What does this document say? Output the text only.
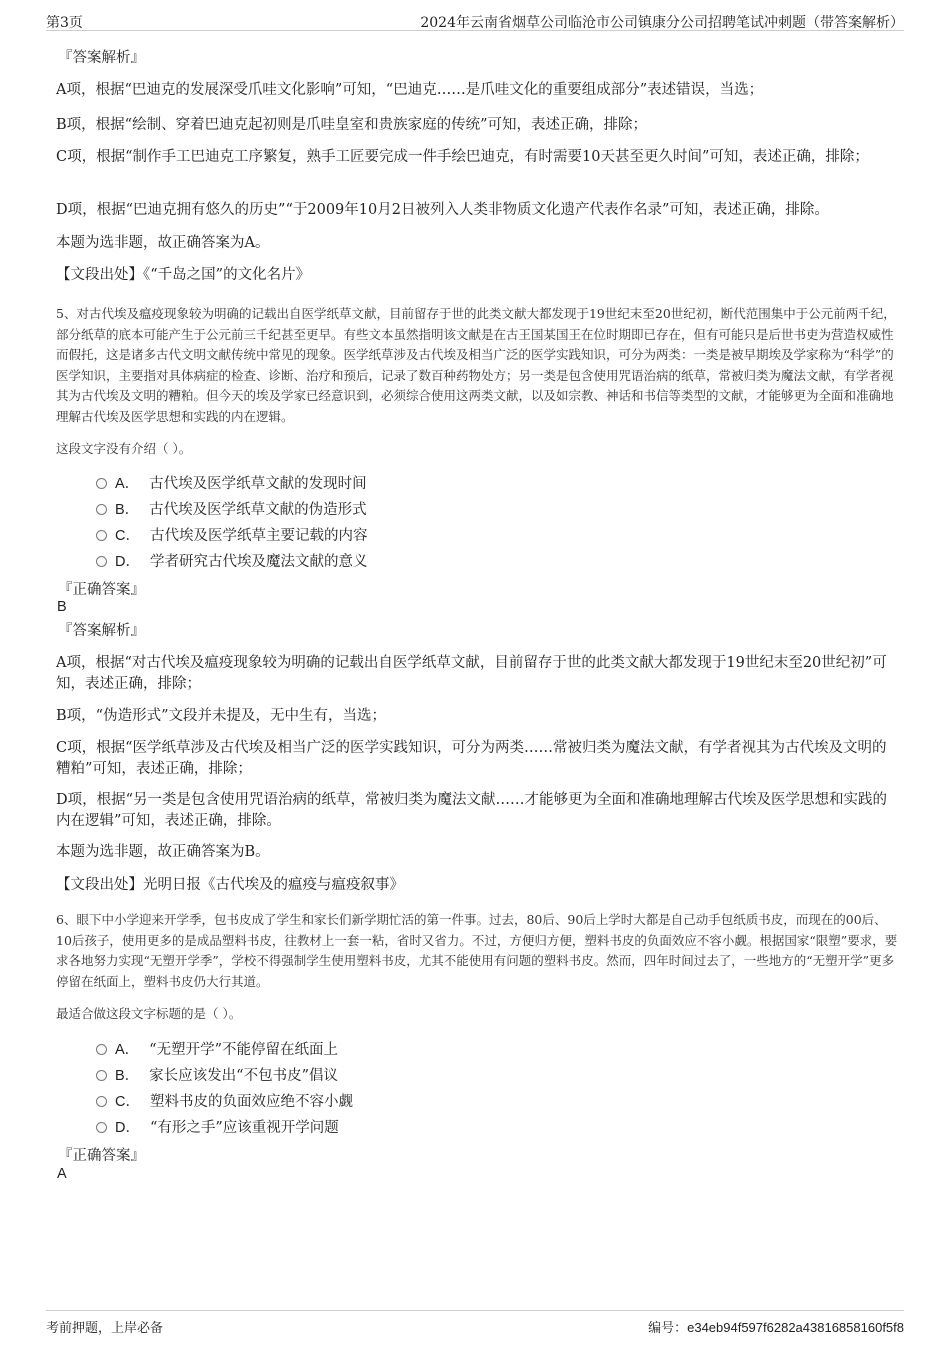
第3页	2024年云南省烟草公司临沧市公司镇康分公司招聘笔试冲刺题（带答案解析）
『答案解析』

A项，根据“巴迪克的发展深受爪哇文化影响”可知，“巴迪克……是爪哇文化的重要组成部分”表述错误，当选；

B项，根据“绘制、穿着巴迪克起初则是爪哇皇室和贵族家庭的传统”可知，表述正确，排除；

C项，根据“制作手工巴迪克工序繁复，熟手工匠要完成一件手绘巴迪克，有时需要10天甚至更久时间”可知，表述正确，排除；

D项，根据“巴迪克拥有悠久的历史”“于2009年10月2日被列入人类非物质文化遗产代表作名录”可知，表述正确，排除。

本题为选非题，故正确答案为A。

【文段出处】《“千岛之国”的文化名片》

5、对古代埃及瘟疫现象较为明确的记载出自医学纸草文献，目前留存于世的此类文献大都发现于19世纪末至20世纪初，断代范围集中于公元前两千纪，部分纸草的底本可能产生于公元前三千纪甚至更早。有些文本虽然指明该文献是在古王国某国王在位时期即已存在，但有可能只是后世书吏为营造权威性而假托，这是诸多古代文明文献传统中常见的现象。医学纸草涉及古代埃及相当广泛的医学实践知识，可分为两类：一类是被早期埃及学家称为“科学”的医学知识，主要指对具体病症的检查、诊断、治疗和预后，记录了数百种药物处方；另一类是包含使用咒语治病的纸草，常被归类为魔法文献，有学者视其为古代埃及文明的糟粕。但今天的埃及学家已经意识到，必须综合使用这两类文献，以及如宗教、神话和书信等类型的文献，才能够更为全面和准确地理解古代埃及医学思想和实践的内在逻辑。

这段文字没有介绍（ ）。

A． 古代埃及医学纸草文献的发现时间
B． 古代埃及医学纸草文献的伪造形式
C． 古代埃及医学纸草主要记载的内容
D． 学者研究古代埃及魔法文献的意义
『正确答案』
B
『答案解析』

A项，根据“对古代埃及瘟疫现象较为明确的记载出自医学纸草文献，目前留存于世的此类文献大都发现于19世纪末至20世纪初”可知，表述正确，排除；

B项，“伪造形式”文段并未提及，无中生有，当选；

C项，根据“医学纸草涉及古代埃及相当广泛的医学实践知识，可分为两类……常被归类为魔法文献，有学者视其为古代埃及文明的糟粕”可知，表述正确，排除；

D项，根据“另一类是包含使用咒语治病的纸草，常被归类为魔法文献……才能够更为全面和准确地理解古代埃及医学思想和实践的内在逻辑”可知，表述正确，排除。

本题为选非题，故正确答案为B。

【文段出处】光明日报《古代埃及的瘟疫与瘟疫叙事》

6、眼下中小学迎来开学季，包书皮成了学生和家长们新学期忙活的第一件事。过去，80后、90后上学时大都是自己动手包纸质书皮，而现在的00后、10后孩子，使用更多的是成品塑料书皮，往教材上一套一粘，省时又省力。不过，方便归方便，塑料书皮的负面效应不容小觑。根据国家“限塑”要求，要求各地努力实现“无塑开学季”，学校不得强制学生使用塑料书皮，尤其不能使用有问题的塑料书皮。然而，四年时间过去了，一些地方的“无塑开学”更多停留在纸面上，塑料书皮仍大行其道。

最适合做这段文字标题的是（ ）。

A． “无塑开学”不能停留在纸面上
B． 家长应该发出“不包书皮”倡议
C． 塑料书皮的负面效应绝不容小觑
D． “有形之手”应该重视开学问题
『正确答案』
A
考前押题，上岸必备	编号：e34eb94f597f6282a43816858160f5f8
